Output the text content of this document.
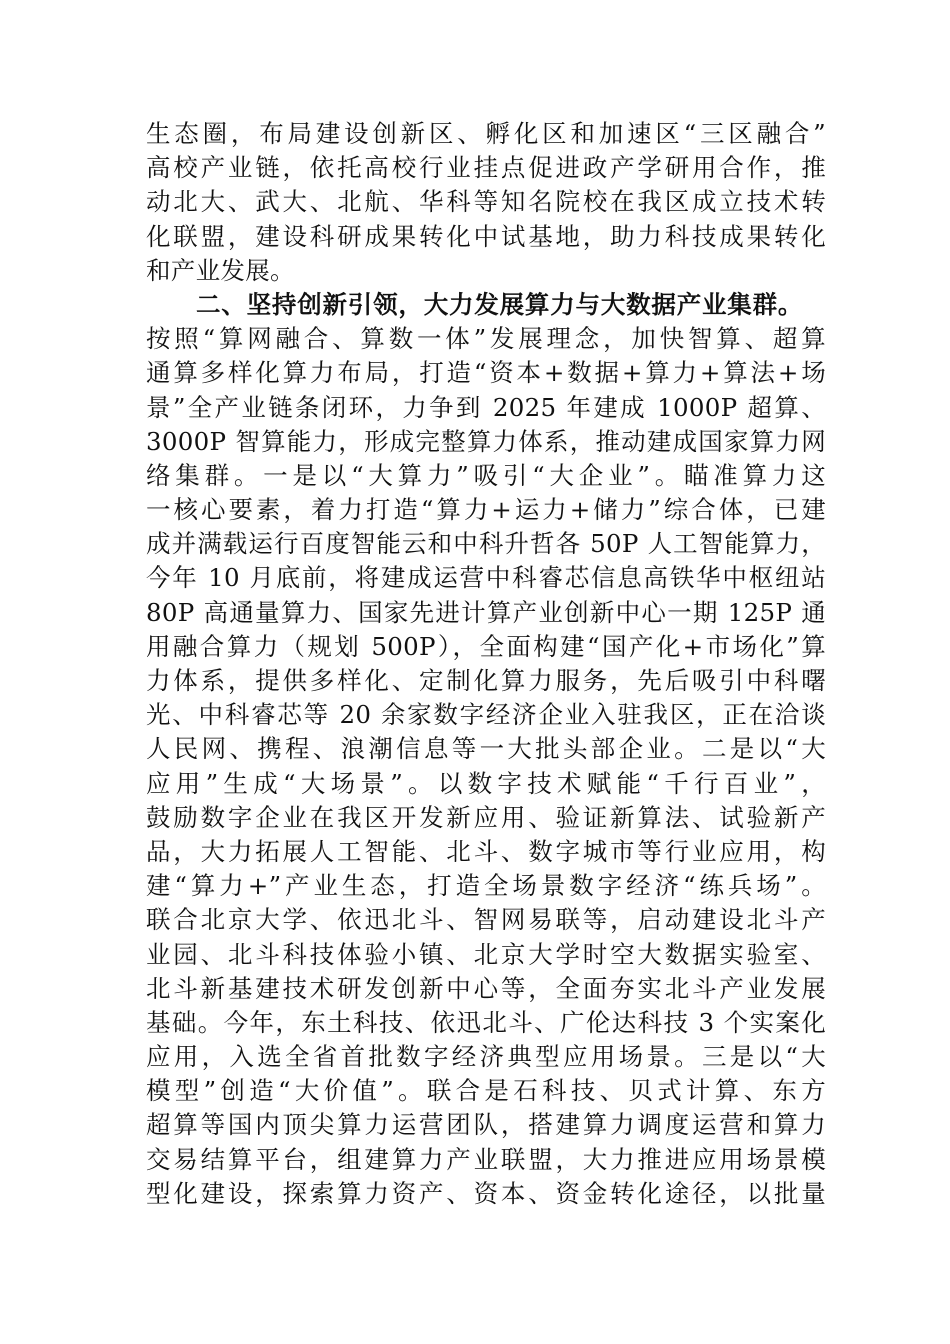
生态圈，布局建设创新区、孵化区和加速区“三区融合”
高校产业链，依托高校行业挂点促进政产学研用合作，推
动北大、武大、北航、华科等知名院校在我区成立技术转
化联盟，建设科研成果转化中试基地，助力科技成果转化
和产业发展。
二、坚持创新引领，大力发展算力与大数据产业集群。
按照“算网融合、算数一体”发展理念，加快智算、超算
通算多样化算力布局，打造“资本+数据+算力+算法+场
景”全产业链条闭环，力争到 2025 年建成 1000P 超算、
3000P 智算能力，形成完整算力体系，推动建成国家算力网
络集群。一是以“大算力”吸引“大企业”。瞄准算力这
一核心要素，着力打造“算力+运力+储力”综合体，已建
成并满载运行百度智能云和中科升哲各 50P 人工智能算力，
今年 10 月底前，将建成运营中科睿芯信息高铁华中枢纽站
80P 高通量算力、国家先进计算产业创新中心一期 125P 通
用融合算力（规划 500P），全面构建“国产化+市场化”算
力体系，提供多样化、定制化算力服务，先后吸引中科曙
光、中科睿芯等 20 余家数字经济企业入驻我区，正在洽谈
人民网、携程、浪潮信息等一大批头部企业。二是以“大
应用”生成“大场景”。以数字技术赋能“千行百业”，
鼓励数字企业在我区开发新应用、验证新算法、试验新产
品，大力拓展人工智能、北斗、数字城市等行业应用，构
建“算力+”产业生态，打造全场景数字经济“练兵场”。
联合北京大学、依迅北斗、智网易联等，启动建设北斗产
业园、北斗科技体验小镇、北京大学时空大数据实验室、
北斗新基建技术研发创新中心等，全面夯实北斗产业发展
基础。今年，东土科技、依迅北斗、广伦达科技 3 个实案化
应用，入选全省首批数字经济典型应用场景。三是以“大
模型”创造“大价值”。联合是石科技、贝式计算、东方
超算等国内顶尖算力运营团队，搭建算力调度运营和算力
交易结算平台，组建算力产业联盟，大力推进应用场景模
型化建设，探索算力资产、资本、资金转化途径，以批量
